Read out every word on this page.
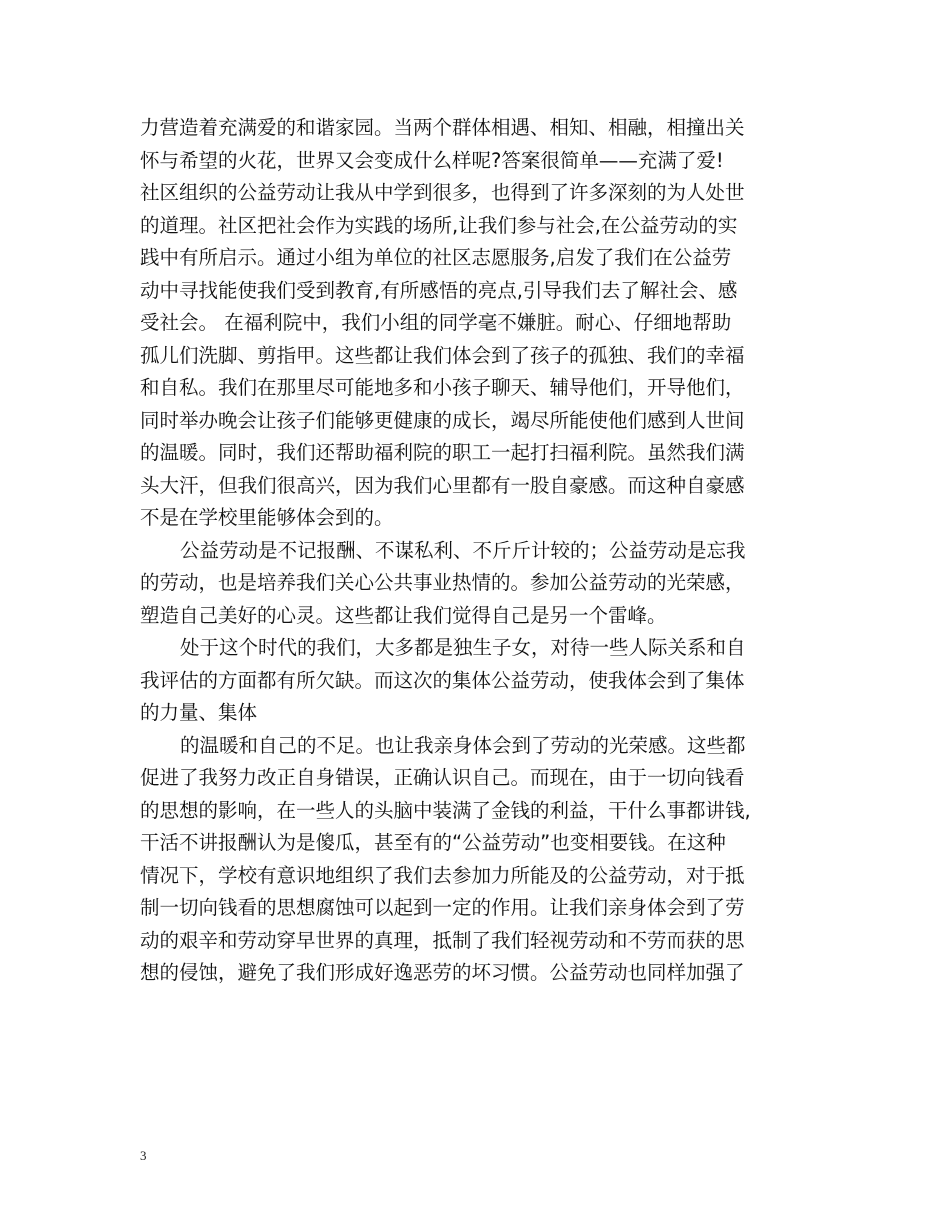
力营造着充满爱的和谐家园。当两个群体相遇、相知、相融，相撞出关
怀与希望的火花，世界又会变成什么样呢?答案很简单——充满了爱!
社区组织的公益劳动让我从中学到很多，也得到了许多深刻的为人处世
的道理。社区把社会作为实践的场所,让我们参与社会,在公益劳动的实
践中有所启示。通过小组为单位的社区志愿服务,启发了我们在公益劳
动中寻找能使我们受到教育,有所感悟的亮点,引导我们去了解社会、感
受社会。 在福利院中，我们小组的同学毫不嫌脏。耐心、仔细地帮助
孤儿们洗脚、剪指甲。这些都让我们体会到了孩子的孤独、我们的幸福
和自私。我们在那里尽可能地多和小孩子聊天、辅导他们，开导他们，
同时举办晚会让孩子们能够更健康的成长，竭尽所能使他们感到人世间
的温暖。同时，我们还帮助福利院的职工一起打扫福利院。虽然我们满
头大汗，但我们很高兴，因为我们心里都有一股自豪感。而这种自豪感
不是在学校里能够体会到的。
公益劳动是不记报酬、不谋私利、不斤斤计较的；公益劳动是忘我
的劳动，也是培养我们关心公共事业热情的。参加公益劳动的光荣感，
塑造自己美好的心灵。这些都让我们觉得自己是另一个雷峰。
处于这个时代的我们，大多都是独生子女，对待一些人际关系和自
我评估的方面都有所欠缺。而这次的集体公益劳动，使我体会到了集体
的力量、集体
的温暖和自己的不足。也让我亲身体会到了劳动的光荣感。这些都
促进了我努力改正自身错误，正确认识自己。而现在，由于一切向钱看
的思想的影响，在一些人的头脑中装满了金钱的利益，干什么事都讲钱,
干活不讲报酬认为是傻瓜，甚至有的“公益劳动”也变相要钱。在这种
情况下，学校有意识地组织了我们去参加力所能及的公益劳动，对于抵
制一切向钱看的思想腐蚀可以起到一定的作用。让我们亲身体会到了劳
动的艰辛和劳动穿早世界的真理，抵制了我们轻视劳动和不劳而获的思
想的侵蚀，避免了我们形成好逸恶劳的坏习惯。公益劳动也同样加强了
3
